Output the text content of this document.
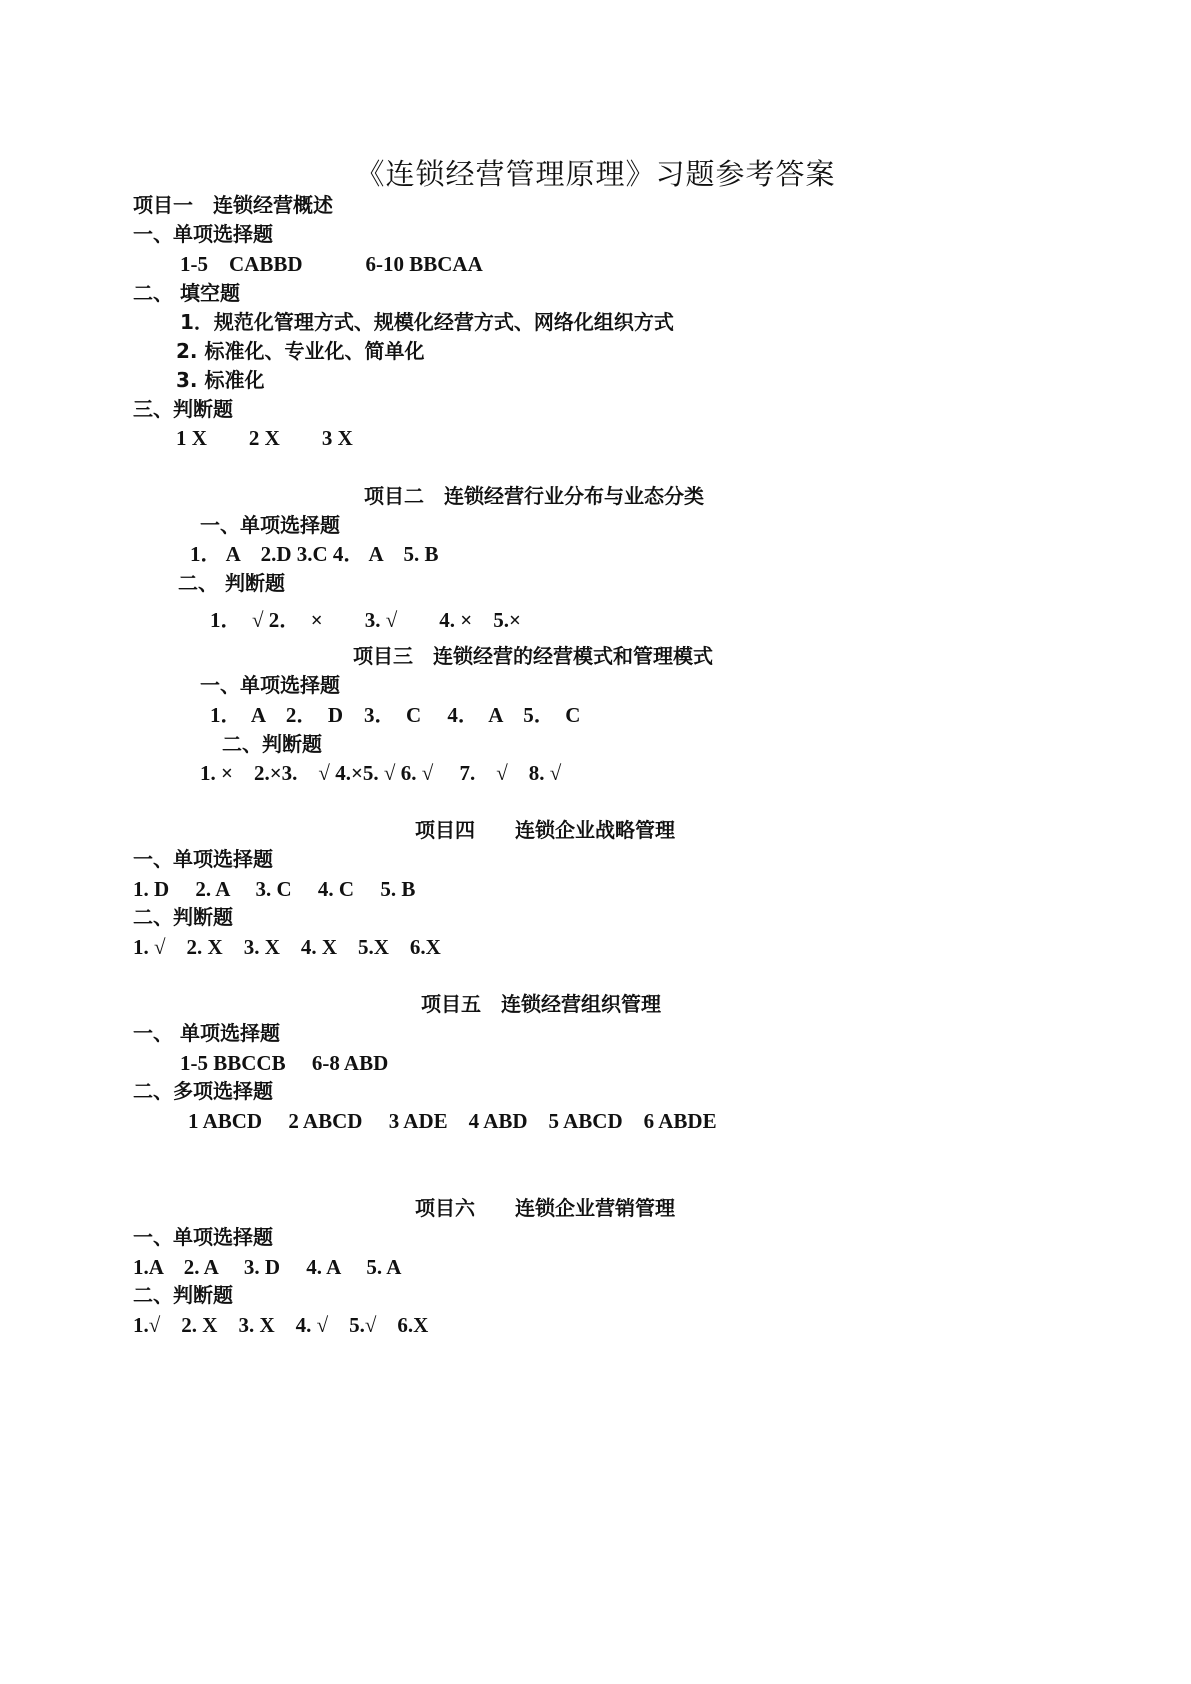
《连锁经营管理原理》习题参考答案
项目一　连锁经营概述
一、单项选择题
1-5　CABBD　　　6-10 BBCAA
二、 填空题
1．规范化管理方式、规模化经营方式、网络化组织方式
2. 标准化、专业化、简单化
3. 标准化
三、判断题
1 X　　2 X　　3 X
项目二　连锁经营行业分布与业态分类
一、单项选择题
1． A　2.D 3.C 4． A　5. B
二、 判断题
1．　√ 2．　×　　3. √　　4. ×　5.×
项目三　连锁经营的经营模式和管理模式
一、单项选择题
1．  A　2．  D　3．  C　 4．  A　5．　C
二、判断题
1. ×　2.×3.　√ 4.×5. √ 6. √　 7.　√　8. √
项目四　　连锁企业战略管理
一、单项选择题
1. D　 2. A　 3. C　 4. C　 5. B
二、判断题
1. √　2. X　3. X　4. X　5.X　6.X
项目五　连锁经营组织管理
一、 单项选择题
1-5 BBCCB　 6-8 ABD
二、多项选择题
1 ABCD　 2 ABCD　 3 ADE　4 ABD　5 ABCD　6 ABDE
项目六　　连锁企业营销管理
一、单项选择题
1.A　2. A　 3. D　 4. A　 5. A
二、判断题
1.√　2. X　3. X　4. √　5.√　6.X
